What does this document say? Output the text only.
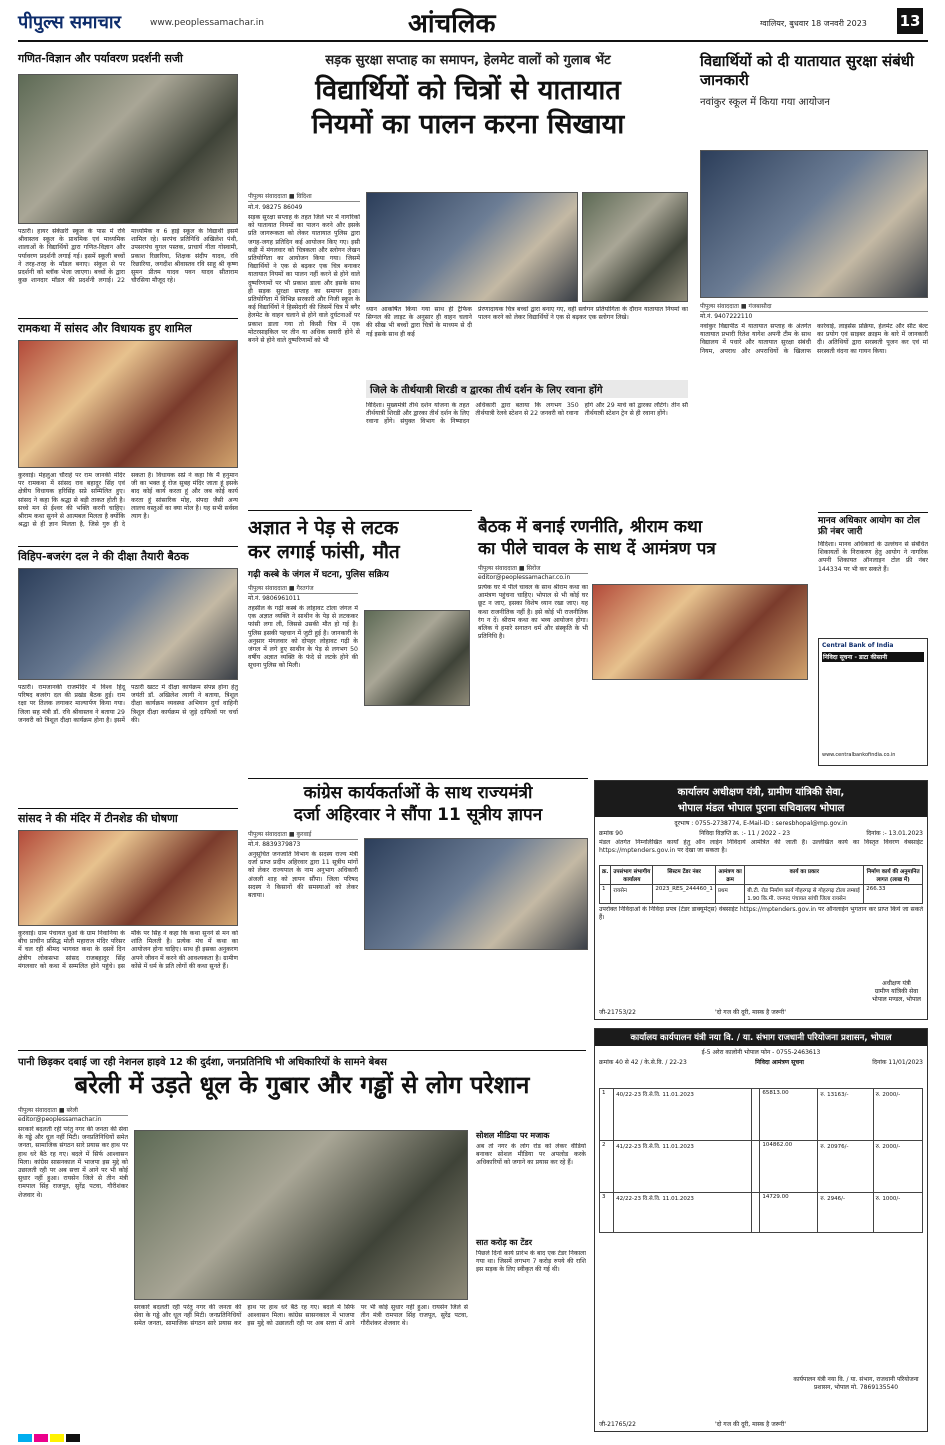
पीपुल्स समाचार	www.peoplessamachar.in	आंचलिक	ग्वालियर, बुधवार 18 जनवरी 2023 13
गणित-विज्ञान और पर्यावरण प्रदर्शनी सजी
पठारी। हायर सेकेंडरी स्कूल के पास में रवि श्रीवास्तव स्कूल के प्राथमिक एवं माध्यमिक शालाओं के विद्यार्थियों द्वारा गणित-विज्ञान और पर्यावरण प्रदर्शनी लगाई गई। इसमें स्कूली बच्चों ने तरह-तरह के मॉडल बनाए। संकुल से पर प्रदर्शनी को ब्लॉक भेजा जाएगा। बच्चों के द्वारा कुछ शानदार मॉडल की प्रदर्शनी लगाई। 22 माध्यमिक व 6 हाई स्कूल के विद्यार्थी इसमें शामिल रहे। सरपंच प्रतिनिधि अखिलेश पंथी, उपसरपंच युगल पस्तक, प्राचार्य गीता गोस्वामी, प्रकाश रिछारिया, शिक्षक संदीप यादव, रवि रिछारिया, जगदीश श्रीवास्तव रवि साहू श्री कृष्ण सुमन प्रीतम यादव पवन यादव सीताराम चौरसिया मौजूद रहे।
रामकथा में सांसद और विधायक हुए शामिल
कुरवाई। मेहलुआ चौराहे पर राम जानकी मंदिर पर रामकथा में सांसद राव बहादुर सिंह एवं क्षेत्रीय विधायक हरिसिंह सप्रे सम्मिलित हुए। सांसद ने कहा कि श्रद्धा से बड़ी ताकत होती है। सच्चे मन से ईश्वर की भक्ति करनी चाहिए। श्रीराम कथा सुनने से आत्मबल मिलता है क्योंकि श्रद्धा से ही ज्ञान मिलता है, जिसे गुरु ही दे सकता है। विधायक सप्रे ने कहा कि मैं हनुमान जी का भक्त हूं रोज सुबह मंदिर जाता हूं इसके बाद कोई कार्य करता हूं और जब कोई कार्य करता हूं सांसारिक मोह, संपदा जैसी अन्य लालच वस्तुओं का क्या मोल है। यह सभी सर्वस्व त्याग है।
विहिप-बजरंग दल ने की दीक्षा तैयारी बैठक
पठारी। रामजानकी राजमंदिर में विश्व हिंदू परिषद बजरंग दल की प्रखंड बैठक हुई। राम रक्षा पर तिलक लगाकर माल्यार्पण किया गया। जिला सह मंत्री डॉ. रवि श्रीवास्तव ने बताया 29 जनवरी को त्रिशूल दीक्षा कार्यक्रम होना है। इसमें पठारी खटट में दीक्षा कार्यक्रम संपन्न होना हेतु जयंती डॉ. अखिलेश त्यागी ने बताया, त्रिशूल दीक्षा कार्यक्रम व्यवस्था अभियान दुर्गा वाहिनी त्रिशूल दीक्षा कार्यक्रम से जुड़े दायित्वों पर चर्चा की।
सांसद ने की मंदिर में टीनशेड की घोषणा
कुरवाई। ग्राम पंचायत धुआं के ग्राम निवानिया के बीच प्राचीन प्रसिद्ध मोती महाराज मंदिर परिसर में चल रही श्रीमद भागवत कथा के दसवें दिन क्षेत्रीय लोकसभा सांसद राजबहादुर सिंह मंगलवार को कथा में सम्मलित होने पहुंचे। इस मौके पर सिंह ने कहा कि कथा सुनने से मन को शांति मिलती है। प्रत्येक मंच में कथा का आयोजन होना चाहिए। साथ ही इसका अनुकरण अपने जीवन में करने की आवश्यकता है। ग्रामीण कोंसे में धर्म के प्रति लोगों की कथा सुनते हैं।
सड़क सुरक्षा सप्ताह का समापन, हेलमेट वालों को गुलाब भेंट
विद्यार्थियों को चित्रों से यातायात
नियमों का पालन करना सिखाया
पीपुल्स संवाददाता ■ विदिशा
मो.नं. 98275 86049
सड़क सुरक्षा सप्ताह के तहत जिले भर में नागरिकों को यातायात नियमों का पालन करने और इसके प्रति जागरूकता को लेकर यातायात पुलिस द्वारा जगह-जगह प्रतिदिन कई आयोजन किए गए। इसी कड़ी में मंगलवार को चित्रकला और स्लोगन लेखन प्रतियोगिता का आयोजन किया गया। जिसमें विद्यार्थियों ने एक से बढ़कर एक चित्र बनाकर यातायात नियमों का पालन नहीं करने से होने वाले दुष्परिणामों पर भी प्रकाश डाला और इसके साथ ही सड़क सुरक्षा सप्ताह का समापन हुआ। प्रतियोगिता में विभिन्न सरकारी और निजी स्कूल के कई विद्यार्थियों ने हिस्सेदारी की जिसमें चित्र में बगैर हेलमेट के वाहन चलाने से होने वाले दुर्घटनाओं पर प्रकाश डाला गया तो किसी चित्र में एक मोटरसाइकिल पर तीन या अधिक सवारी होने से बनने से होने वाले दुष्परिणामों को भी
ध्यान आकर्षित किया गया साथ ही ट्रैफिक सिग्नल की लाइट के अनुसार ही वाहन चलाने की सीख भी बच्चों द्वारा चित्रों के माध्यम से दी गई इसके साथ ही कई
प्रेरणादायक चित्र बच्चों द्वारा बनाए गए, वहीं स्लोगन प्रतियोगिता के दौरान यातायात नियमों का पालन करने को लेकर विद्यार्थियों ने एक से बढ़कर एक स्लोगन लिखे।
जिले के तीर्थयात्री शिरडी व द्वारका तीर्थ दर्शन के लिए रवाना होंगे
विदिशा। मुख्यमंत्री तीर्थ दर्शन योजना के तहत तीर्थयात्री शिरडी और द्वारका तीर्थ दर्शन के लिए रवाना होंगे। संयुक्त विभाग के निष्पादन अधिकारी द्वारा बताया कि लगभग 350 तीर्थयात्री रेलवे स्टेशन से 22 जनवरी को रवाना होंगे और 29 मार्च को द्वारका लौटेंगे। तीन सौ तीर्थयात्री स्टेशन ट्रेन से ही रवाना होंगे।
विद्यार्थियों को दी यातायात सुरक्षा संबंधी जानकारी
नवांकुर स्कूल में किया गया आयोजन
पीपुल्स संवाददाता ■ गंजबासौदा
मो.नं. 9407222110
नवांकुर विद्यापीठ में यातायात सप्ताह के अंतर्गत यातायात प्रभारी रितेश यागेश अपनी टीम के साथ विद्यालय में पधारे और यातायात सुरक्षा संबंधी नियम, अपराध और अपराधियों के खिलाफ कार्रवाई, लाइसेंस प्रक्रिया, हेलमेट और सीट बेल्ट का प्रयोग एवं साइबर क्राइम के बारे में जानकारी दी। अतिथियों द्वारा सरस्वती पूजन कर एवं मां सरस्वती वंदना का गायन किया।
मानव अधिकार आयोग का टोल फ्री नंबर जारी
विदिशा। मानव अधिकारों के उल्लंघन से संबंधित शिकायतों के निराकरण हेतु आयोग ने नागरिक अपनी शिकायत ऑनलाइन टोल फ्री नंबर 144334 पर भी कर सकते हैं।
Central Bank of India
निविदा सूचना - डाटा कीसानी
www.centralbankofindia.co.in
अज्ञात ने पेड़ से लटक
कर लगाई फांसी, मौत
गढ़ी कस्बे के जंगल में घटना, पुलिस सक्रिय
पीपुल्स संवाददाता ■ गैरतगंज
मो.नं. 9806961011
तहसील के गढ़ी कस्बे के लोहावट टोला जंगल में एक अज्ञात व्यक्ति ने साथीन के पेड़ से लटककर फांसी लगा ली, जिससे उसकी मौत हो गई है। पुलिस इसकी पहचान में जुटी हुई है। जानकारी के अनुसार मंगलवार को दोपहर लोहावट गढ़ी के जंगल में लगे हुए साथीन के पेड़ से लगभग 50 वर्षीय अज्ञात व्यक्ति के फंदे से लटके होने की सूचना पुलिस को मिली।
बैठक में बनाई रणनीति, श्रीराम कथा
का पीले चावल के साथ दें आमंत्रण पत्र
पीपुल्स संवाददाता ■ सिरोंज
editor@peoplessamachar.co.in
प्रत्येक घर में पीले चावल के साथ श्रीराम कथा का आमंत्रण पहुंचना चाहिए। भोपाल से भी कोई घर छूट न जाए, इसका विशेष ध्यान रखा जाए। यह कथा राजनीतिक नहीं है। इसे कोई भी राजनीतिक रंग न दें। श्रीराम कथा का भव्य आयोजन होगा। बलिक ये हमारे सनातन धर्म और संस्कृति के भी प्रतिनिधि है।
कांग्रेस कार्यकर्ताओं के साथ राज्यमंत्री
दर्जा अहिरवार ने सौंपा 11 सूत्रीय ज्ञापन
पीपुल्स संवाददाता ■ कुरवाई
मो.नं. 8839379873
अनुसूचित जनजाति विभाग के सदस्य राज्य मंत्री दर्जा प्राप्त प्रदीप अहिरवार द्वारा 11 सूत्रीय मांगों को लेकर राज्यपाल के नाम अनुभाग अधिकारी अंजली शाह को ज्ञापन सौंपा। जिला परिषद सदस्य ने किसानों की समस्याओं को लेकर बताया।
कार्यालय अधीक्षण यंत्री, ग्रामीण यांत्रिकी सेवा,
भोपाल मंडल भोपाल पुराना सचिवालय भोपाल
दूरभाष : 0755-2738774, E-Mail-ID : seresbhopal@mp.gov.in
क्रमांक 90	निविदा विज्ञप्ति क्र. :- 11 / 2022 - 23	दिनांक :- 13.01.2023
मंडल अंतर्गत निम्नलिखित कार्यों हेतु ऑन लाईन निविदायें आमंत्रित की जाती है। उल्लेखित कार्य का विस्तृत विवरण वेबसाईट https://mptenders.gov.in पर देखा जा सकता है।
क्र.	उपसंभाग संभागीय कार्यालय	सिस्टम टेंडर नंबर	आमंत्रण का क्रम	कार्य का प्रकार	निर्माण कार्य की अनुमानित लागत (लाख में)
1	रायसेन	2023_RES_244460_1	प्रथम	बी.टी. रोड निर्माण कार्य गौहरगढ़ से गोहरगढ़ टोला लम्बाई 1.90 कि.मी. जनपद पंचायत सांची जिला रायसेन	266.33
उपरोक्त निविदाओं के निविदा प्रपत्र (टेंडर डाक्यूमेंट्स) वेबसाईट https://mptenders.gov.in पर ऑनलाईन भुगतान कर प्राप्त किये जा सकते हैं।
अधीक्षण यंत्री
ग्रामीण यांत्रिकी सेवा
भोपाल मण्डल, भोपाल
जी-21753/22	'दो गज की दूरी, मास्क है जरूरी'
पानी छिड़कर दबाई जा रही नेशनल हाइवे 12 की दुर्दशा, जनप्रतिनिधि भी अधिकारियों के सामने बेबस
बरेली में उड़ते धूल के गुबार और गड्ढों से लोग परेशान
पीपुल्स संवाददाता ■ बरेली
editor@peoplessamachar.in
सरकारें बदलती रहीं परंतु नगर की जनता की सेवा के गड्ढे और धूल नहीं मिटी। जनप्रतिनिधियों समेत जनता, सामाजिक संगठन सारे प्रयास कर हाथ पर हाथ धरे बैठे रह गए। बदले में सिर्फ आश्वासन मिला। कांग्रेस सासनकाल में भाजपा इस मुद्दे को उछालती रही पर अब सत्ता में आने पर भी कोई सुधार नहीं हुआ। रायसेन जिले से तीन मंत्री रामपाल सिंह राजपूत, सुरेंद्र पटवा, गौरीशंकर शेजवार थे।
सोशल मीडिया पर मजाक
अब तो नगर के लोग रोड को लेकर वीडियो बनाकर सोशल मीडिया पर अपलोड करके अधिकारियों को जगाने का प्रयास कर रहे हैं।
सात करोड़ का टेंडर
पिछले दिनों कार्य प्रारंभ के बाद एक टेंडर निकाला गया था। जिसमें लगभग 7 करोड़ रुपये की राशि इस सड़क के लिए स्वीकृत की गई थी।
सरकारें बदलती रहीं परंतु नगर की जनता की सेवा के गड्ढे और धूल नहीं मिटी। जनप्रतिनिधियों समेत जनता, सामाजिक संगठन सारे प्रयास कर हाथ पर हाथ धरे बैठे रह गए। बदले में सिर्फ आश्वासन मिला। कांग्रेस सासनकाल में भाजपा इस मुद्दे को उछालती रही पर अब सत्ता में आने पर भी कोई सुधार नहीं हुआ। रायसेन जिले से तीन मंत्री रामपाल सिंह राजपूत, सुरेंद्र पटवा, गौरीशंकर शेजवार थे।
कार्यालय कार्यपालन यंत्री नया वि. / या. संभाग राजधानी परियोजना प्रशासन, भोपाल
ई-5 अरेरा कालोनी भोपाल फोन - 0755-2463613
क्रमांक 40 से 42 / के.से.वि. / 22-23	निविदा आमंत्रण सूचना	दिनांक 11/01/2023
1	40/22-23 वि.से.वि. 11.01.2023		65813.00	रु. 13163/-	रु. 2000/-
2	41/22-23 वि.से.वि. 11.01.2023		104862.00	रु. 20976/-	रु. 2000/-
3	42/22-23 वि.से.वि. 11.01.2023		14729.00	रु. 2946/-	रु. 1000/-
कार्यपालन यंत्री नया वि. / या. संभाग, राजधानी परियोजना प्रशासन, भोपाल मो. 7869135540
जी-21765/22	'दो गज की दूरी, मास्क है जरूरी'
